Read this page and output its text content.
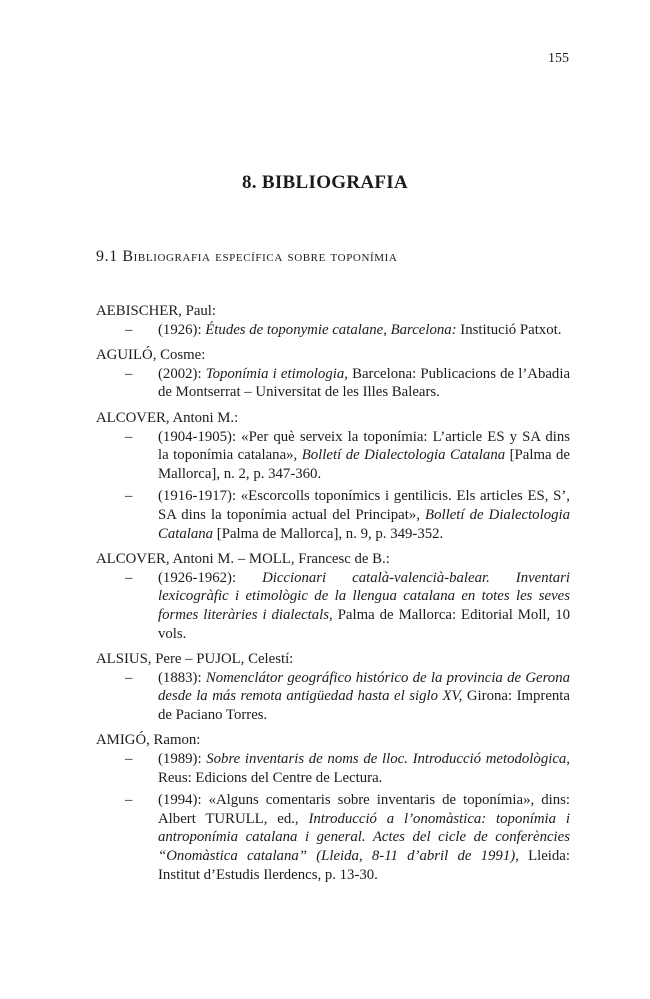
155
8. BIBLIOGRAFIA
9.1 Bibliografia específica sobre toponímia
AEBISCHER, Paul:
– (1926): Études de toponymie catalane, Barcelona: Institució Patxot.
AGUILÓ, Cosme:
– (2002): Toponímia i etimologia, Barcelona: Publicacions de l’Abadia de Montserrat – Universitat de les Illes Balears.
ALCOVER, Antoni M.:
– (1904-1905): «Per què serveix la toponímia: L’article ES y SA dins la toponímia catalana», Bolletí de Dialectologia Catalana [Palma de Mallorca], n. 2, p. 347-360.
– (1916-1917): «Escorcolls toponímics i gentilicis. Els articles ES, S’, SA dins la toponímia actual del Principat», Bolletí de Dialectologia Catalana [Palma de Mallorca], n. 9, p. 349-352.
ALCOVER, Antoni M. – MOLL, Francesc de B.:
– (1926-1962): Diccionari català-valencià-balear. Inventari lexicogràfic i etimològic de la llengua catalana en totes les seves formes literàries i dialectals, Palma de Mallorca: Editorial Moll, 10 vols.
ALSIUS, Pere – PUJOL, Celestí:
– (1883): Nomenclátor geográfico histórico de la provincia de Gerona desde la más remota antigüedad hasta el siglo XV, Girona: Imprenta de Paciano Torres.
AMIGÓ, Ramon:
– (1989): Sobre inventaris de noms de lloc. Introducció metodològica, Reus: Edicions del Centre de Lectura.
– (1994): «Alguns comentaris sobre inventaris de toponímia», dins: Albert TURULL, ed., Introducció a l’onomàstica: toponímia i antroponímia catalana i general. Actes del cicle de conferències “Onomàstica catalana” (Lleida, 8-11 d’abril de 1991), Lleida: Institut d’Estudis Ilerdencs, p. 13-30.
